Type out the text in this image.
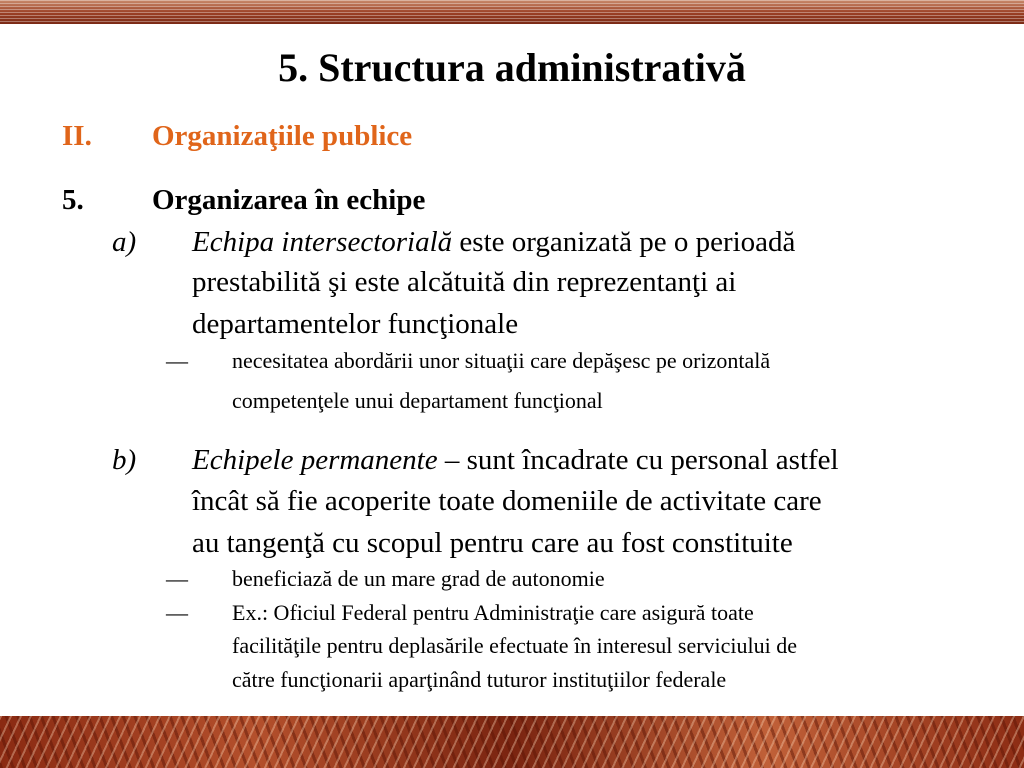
5. Structura administrativă
II. Organizaţiile publice
5. Organizarea în echipe
a) Echipa intersectorială este organizată pe o perioadă
prestabilită şi este alcătuită din reprezentanţi ai
departamentelor funcţionale
― necesitatea abordării unor situaţii care depăşesc pe orizontală
competenţele unui departament funcţional
b) Echipele permanente – sunt încadrate cu personal astfel
încât să fie acoperite toate domeniile de activitate care
au tangenţă cu scopul pentru care au fost constituite
― beneficiază de un mare grad de autonomie
― Ex.: Oficiul Federal pentru Administraţie care asigură toate
facilităţile pentru deplasările efectuate în interesul serviciului de
către funcţionarii aparţinând tuturor instituţiilor federale
